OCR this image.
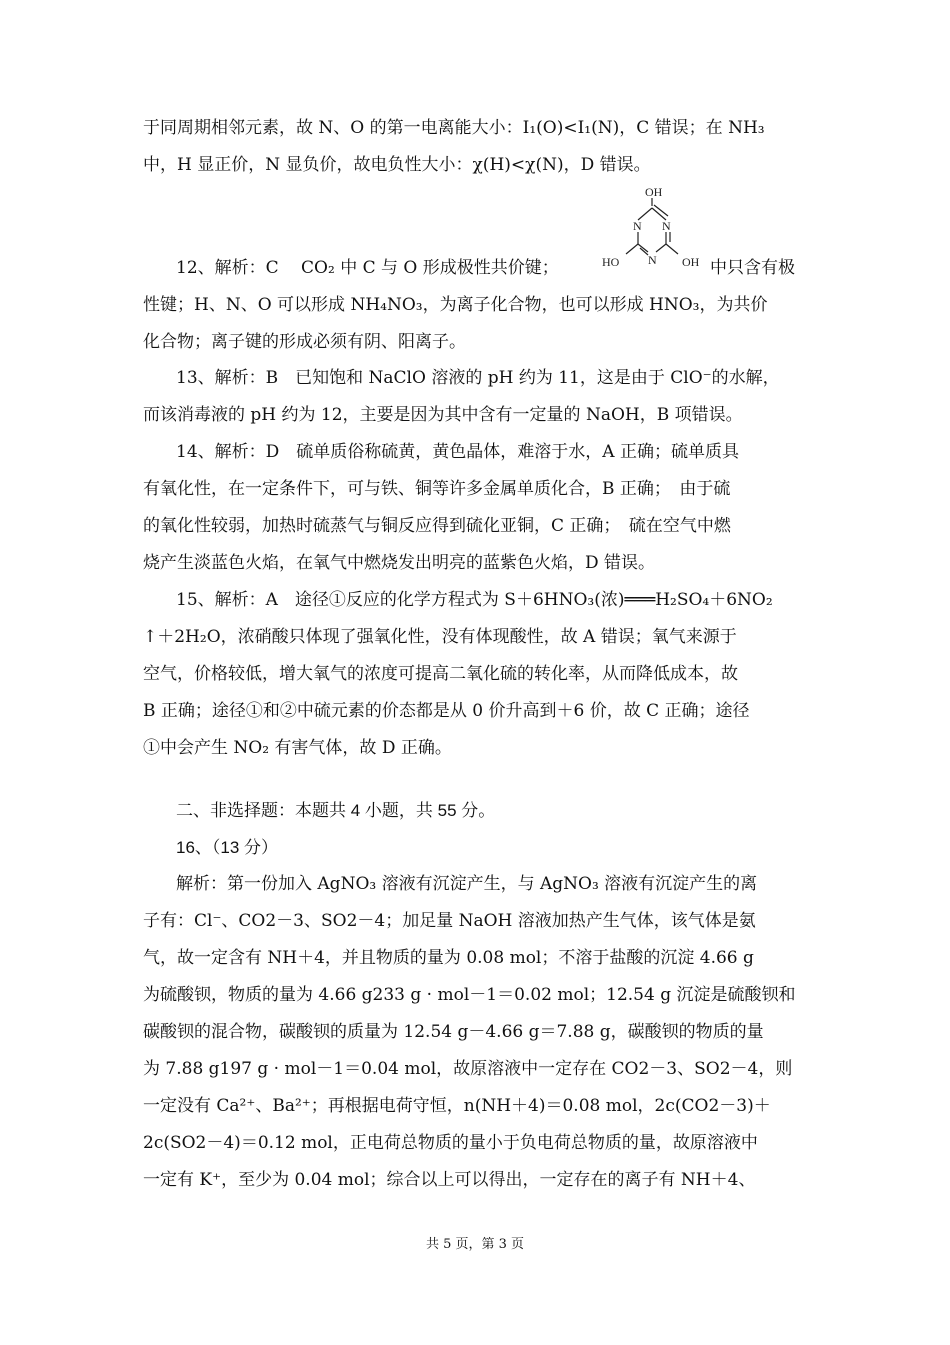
于同周期相邻元素，故 N、O 的第一电离能大小：I₁(O)<I₁(N)，C 错误；在 NH₃
中，H 显正价，N 显负价，故电负性大小：χ(H)<χ(N)，D 错误。
12、解析：C　 CO₂ 中 C 与 O 形成极性共价键；
OH
N N
N
HO	OH 中只含有极
性键；H、N、O 可以形成 NH₄NO₃，为离子化合物，也可以形成 HNO₃，为共价
化合物；离子键的形成必须有阴、阳离子。
13、解析：B　已知饱和 NaClO 溶液的 pH 约为 11，这是由于 ClO⁻的水解，
而该消毒液的 pH 约为 12，主要是因为其中含有一定量的 NaOH，B 项错误。
14、解析：D　硫单质俗称硫黄，黄色晶体，难溶于水，A 正确；硫单质具
有氧化性，在一定条件下，可与铁、铜等许多金属单质化合，B 正确；　由于硫
的氧化性较弱，加热时硫蒸气与铜反应得到硫化亚铜，C 正确；　硫在空气中燃
烧产生淡蓝色火焰，在氧气中燃烧发出明亮的蓝紫色火焰，D 错误。
15、解析：A　途径①反应的化学方程式为 S＋6HNO₃(浓)═══H₂SO₄＋6NO₂
↑＋2H₂O，浓硝酸只体现了强氧化性，没有体现酸性，故 A 错误；氧气来源于
空气，价格较低，增大氧气的浓度可提高二氧化硫的转化率，从而降低成本，故
B 正确；途径①和②中硫元素的价态都是从 0 价升高到＋6 价，故 C 正确；途径
①中会产生 NO₂ 有害气体，故 D 正确。
二、非选择题：本题共 4 小题，共 55 分。
16、（13 分）
解析：第一份加入 AgNO₃ 溶液有沉淀产生，与 AgNO₃ 溶液有沉淀产生的离
子有：Cl⁻、CO2－3、SO2－4；加足量 NaOH 溶液加热产生气体，该气体是氨
气，故一定含有 NH＋4，并且物质的量为 0.08 mol；不溶于盐酸的沉淀 4.66 g
为硫酸钡，物质的量为 4.66 g233 g · mol－1＝0.02 mol；12.54 g 沉淀是硫酸钡和
碳酸钡的混合物，碳酸钡的质量为 12.54 g－4.66 g＝7.88 g，碳酸钡的物质的量
为 7.88 g197 g · mol－1＝0.04 mol，故原溶液中一定存在 CO2－3、SO2－4，则
一定没有 Ca²⁺、Ba²⁺；再根据电荷守恒，n(NH＋4)＝0.08 mol，2c(CO2－3)＋
2c(SO2－4)＝0.12 mol，正电荷总物质的量小于负电荷总物质的量，故原溶液中
一定有 K⁺，至少为 0.04 mol；综合以上可以得出，一定存在的离子有 NH＋4、
共 5 页，第 3 页
